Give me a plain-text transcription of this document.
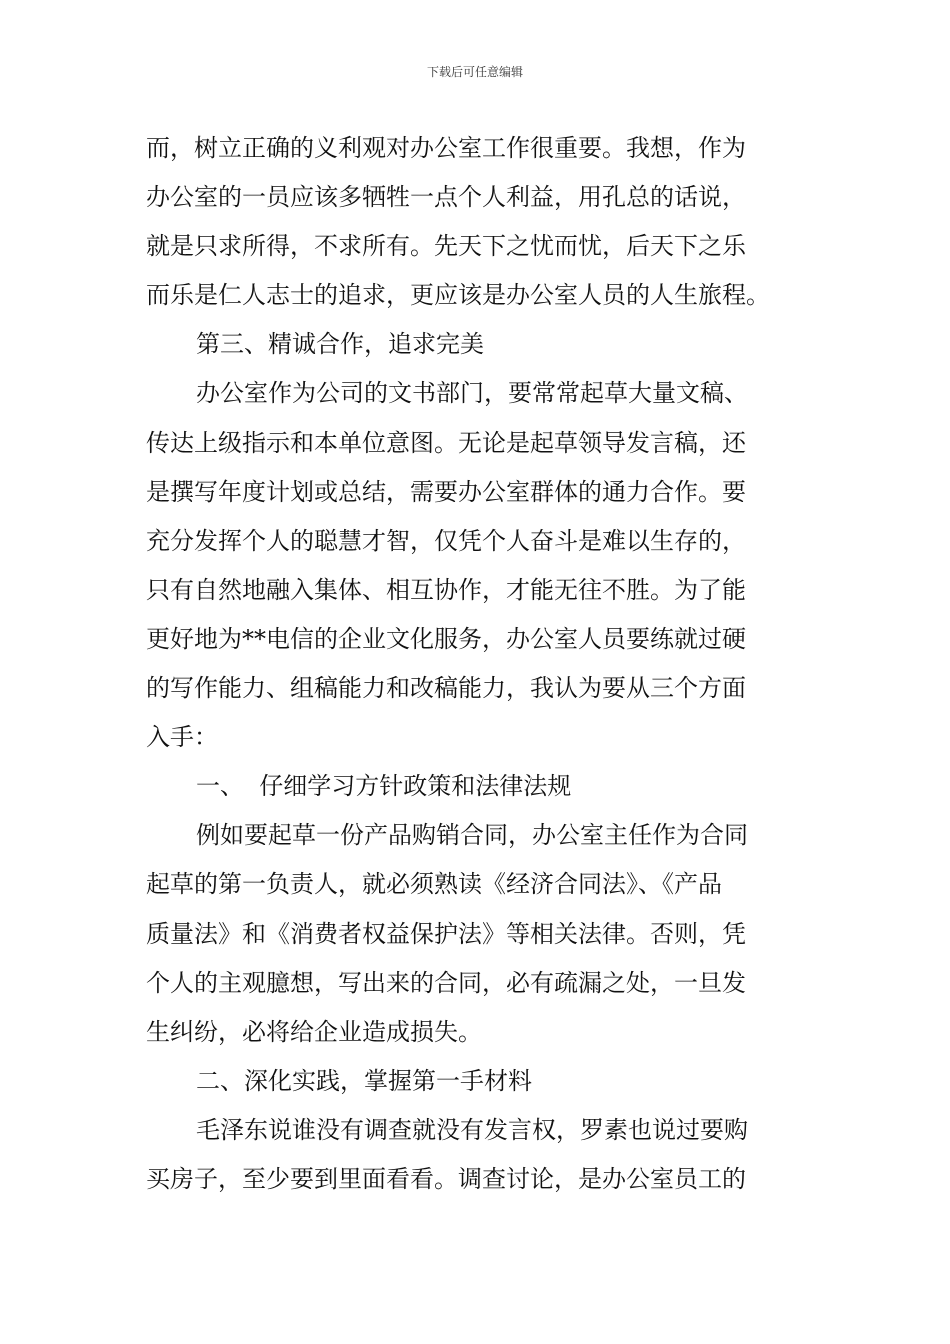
下载后可任意编辑
而，树立正确的义利观对办公室工作很重要。我想，作为
办公室的一员应该多牺牲一点个人利益，用孔总的话说，
就是只求所得，不求所有。先天下之忧而忧，后天下之乐
而乐是仁人志士的追求，更应该是办公室人员的人生旅程。
第三、精诚合作，追求完美
办公室作为公司的文书部门，要常常起草大量文稿、
传达上级指示和本单位意图。无论是起草领导发言稿，还
是撰写年度计划或总结，需要办公室群体的通力合作。要
充分发挥个人的聪慧才智，仅凭个人奋斗是难以生存的，
只有自然地融入集体、相互协作，才能无往不胜。为了能
更好地为**电信的企业文化服务，办公室人员要练就过硬
的写作能力、组稿能力和改稿能力，我认为要从三个方面
入手：
一、  仔细学习方针政策和法律法规
例如要起草一份产品购销合同，办公室主任作为合同
起草的第一负责人，就必须熟读《经济合同法》、《产品
质量法》和《消费者权益保护法》等相关法律。否则，凭
个人的主观臆想，写出来的合同，必有疏漏之处，一旦发
生纠纷，必将给企业造成损失。
二、深化实践，掌握第一手材料
毛泽东说谁没有调查就没有发言权，罗素也说过要购
买房子，至少要到里面看看。调查讨论，是办公室员工的
